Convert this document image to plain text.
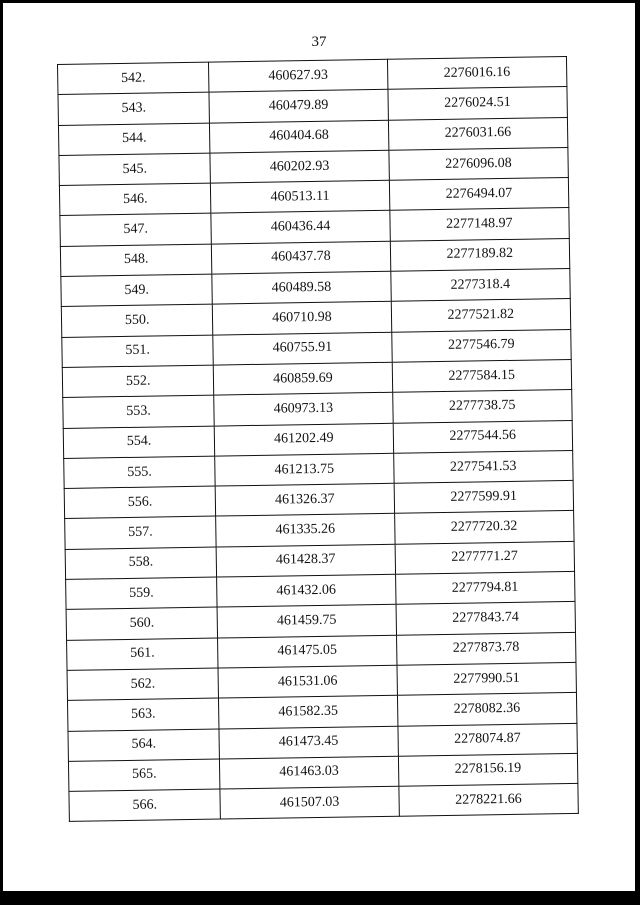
37
542.	460627.93	2276016.16
543.	460479.89	2276024.51
544.	460404.68	2276031.66
545.	460202.93	2276096.08
546.	460513.11	2276494.07
547.	460436.44	2277148.97
548.	460437.78	2277189.82
549.	460489.58	2277318.4
550.	460710.98	2277521.82
551.	460755.91	2277546.79
552.	460859.69	2277584.15
553.	460973.13	2277738.75
554.	461202.49	2277544.56
555.	461213.75	2277541.53
556.	461326.37	2277599.91
557.	461335.26	2277720.32
558.	461428.37	2277771.27
559.	461432.06	2277794.81
560.	461459.75	2277843.74
561.	461475.05	2277873.78
562.	461531.06	2277990.51
563.	461582.35	2278082.36
564.	461473.45	2278074.87
565.	461463.03	2278156.19
566.	461507.03	2278221.66
